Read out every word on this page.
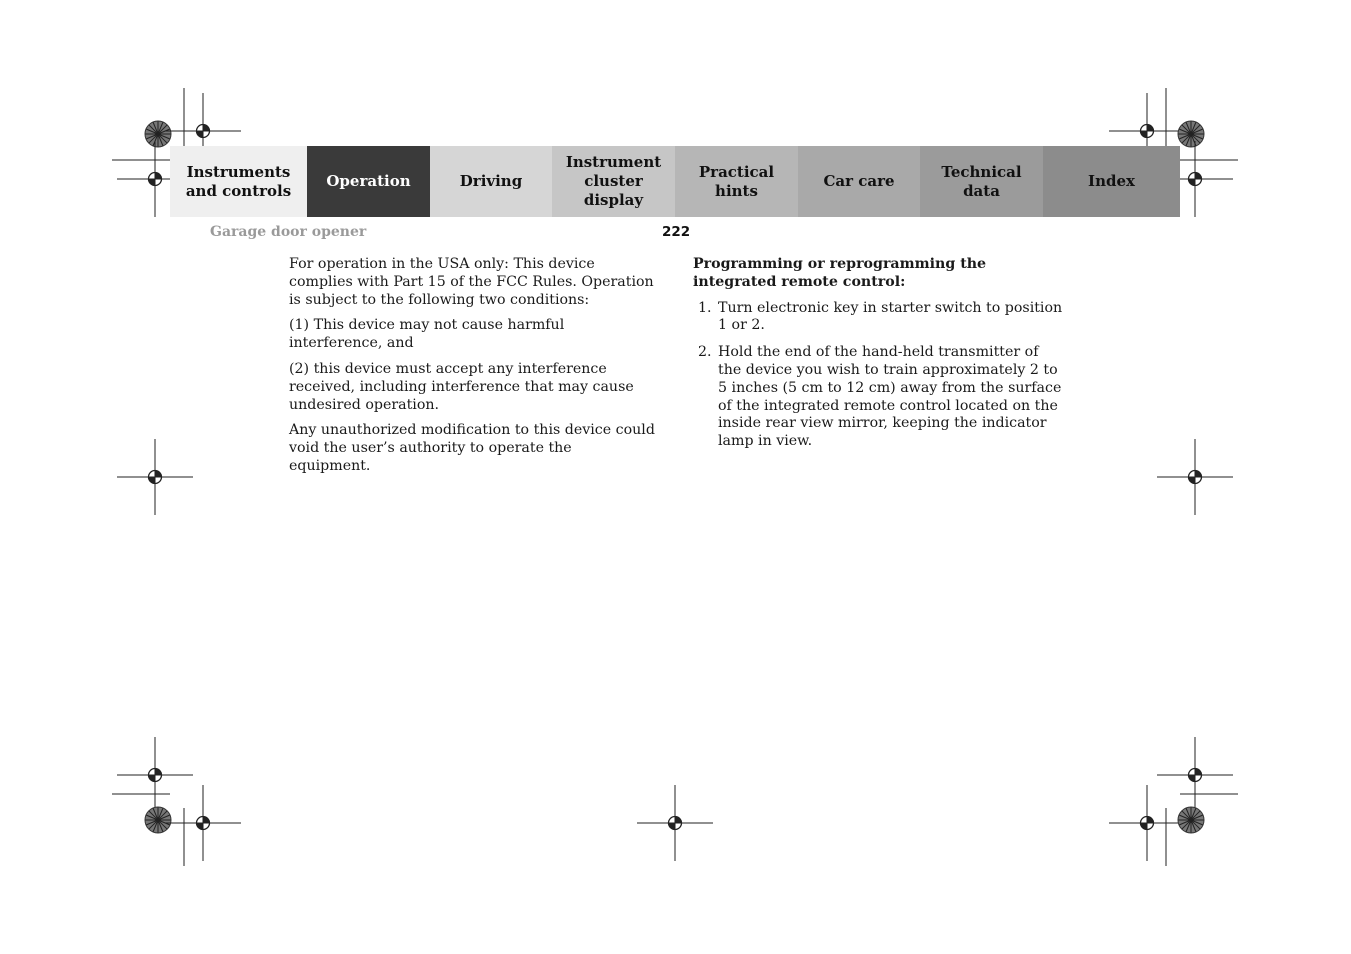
Instruments
and controls
Operation	Driving
Instrument
cluster display
Practical hints
Car care
Technical
data
Index
Garage door opener	222

For operation in the USA only: This device complies with Part 15 of the FCC Rules. Operation is subject to the following two conditions:

(1) This device may not cause harmful interference, and

(2) this device must accept any interference received, including interference that may cause undesired operation.

Any unauthorized modification to this device could void the user’s authority to operate the equipment.

Programming or reprogramming the integrated remote control:

1. Turn electronic key in starter switch to position 1 or 2.
2. Hold the end of the hand-held transmitter of the device you wish to train approximately 2 to 5 inches (5 cm to 12 cm) away from the surface of the integrated remote control located on the inside rear view mirror, keeping the indicator lamp in view.
